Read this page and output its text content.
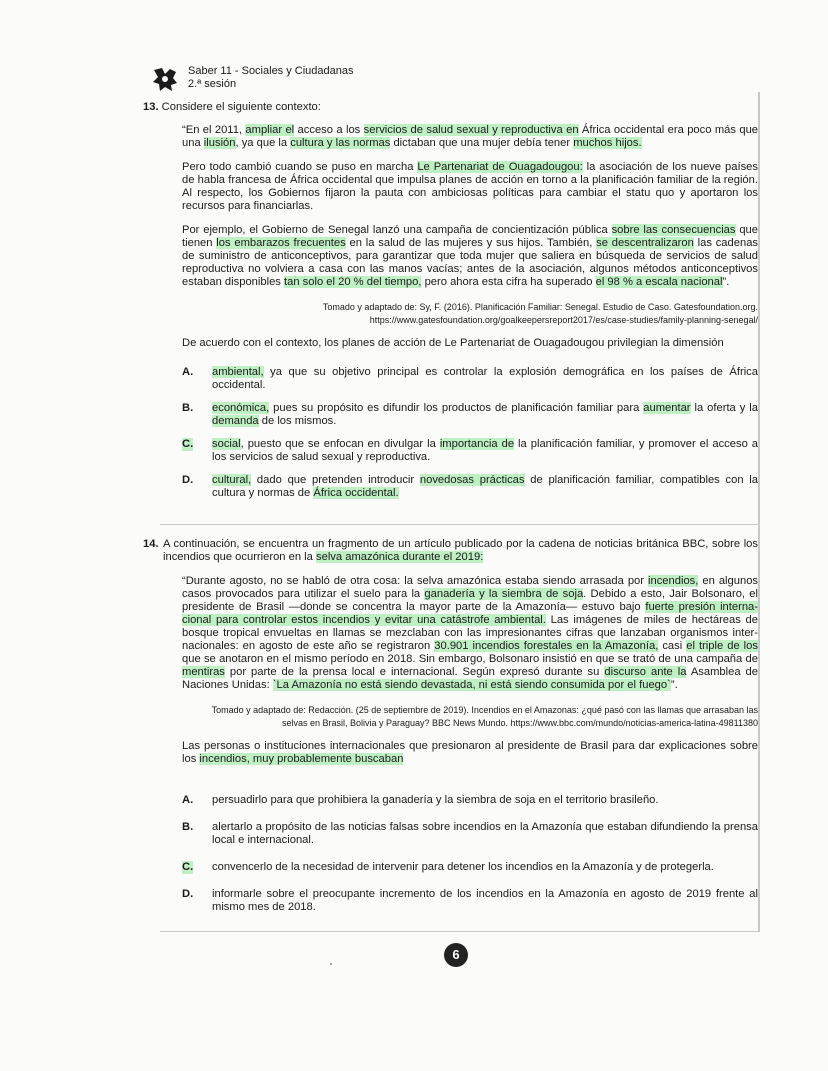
Saber 11 - Sociales y Ciudadanas
2.ª sesión

13. Considere el siguiente contexto:

“En el 2011, ampliar el acceso a los servicios de salud sexual y reproductiva en África occidental era poco más que una ilusión, ya que la cultura y las normas dictaban que una mujer debía tener muchos hijos.

Pero todo cambió cuando se puso en marcha Le Partenariat de Ouagadougou: la asociación de los nueve países de habla francesa de África occidental que impulsa planes de acción en torno a la planificación familiar de la región. Al respecto, los Gobiernos fijaron la pauta con ambiciosas políticas para cambiar el statu quo y aportaron los recursos para financiarlas.

Por ejemplo, el Gobierno de Senegal lanzó una campaña de concientización pública sobre las consecuencias que tienen los embarazos frecuentes en la salud de las mujeres y sus hijos. También, se descentralizaron las cadenas de suministro de anticonceptivos, para garantizar que toda mujer que saliera en búsqueda de servicios de salud reproductiva no volviera a casa con las manos vacías; antes de la asociación, algunos métodos anticonceptivos estaban disponibles tan solo el 20 % del tiempo, pero ahora esta cifra ha superado el 98 % a escala nacional”.

Tomado y adaptado de: Sy, F. (2016). Planificación Familiar: Senegal. Estudio de Caso. Gatesfoundation.org.
https://www.gatesfoundation.org/goalkeepersreport2017/es/case-studies/family-planning-senegal/

De acuerdo con el contexto, los planes de acción de Le Partenariat de Ouagadougou privilegian la dimensión

A. ambiental, ya que su objetivo principal es controlar la explosión demográfica en los países de África occidental.
B. económica, pues su propósito es difundir los productos de planificación familiar para aumentar la oferta y la demanda de los mismos.
C. social, puesto que se enfocan en divulgar la importancia de la planificación familiar, y promover el acceso a los servicios de salud sexual y reproductiva.
D. cultural, dado que pretenden introducir novedosas prácticas de planificación familiar, compatibles con la cultura y normas de África occidental.
14. A continuación, se encuentra un fragmento de un artículo publicado por la cadena de noticias británica BBC, sobre los incendios que ocurrieron en la selva amazónica durante el 2019:

“Durante agosto, no se habló de otra cosa: la selva amazónica estaba siendo arrasada por incendios, en algunos casos provocados para utilizar el suelo para la ganadería y la siembra de soja. Debido a esto, Jair Bolsonaro, el presidente de Brasil —donde se concentra la mayor parte de la Amazonía— estuvo bajo fuerte presión interna-cional para controlar estos incendios y evitar una catástrofe ambiental. Las imágenes de miles de hectáreas de bosque tropical envueltas en llamas se mezclaban con las impresionantes cifras que lanzaban organismos inter-nacionales: en agosto de este año se registraron 30.901 incendios forestales en la Amazonía, casi el triple de los que se anotaron en el mismo período en 2018. Sin embargo, Bolsonaro insistió en que se trató de una campaña de mentiras por parte de la prensa local e internacional. Según expresó durante su discurso ante la Asamblea de Naciones Unidas: `La Amazonía no está siendo devastada, ni está siendo consumida por el fuego`”.

Tomado y adaptado de: Redacción. (25 de septiembre de 2019). Incendios en el Amazonas: ¿qué pasó con las llamas que arrasaban las
selvas en Brasil, Bolivia y Paraguay? BBC News Mundo. https://www.bbc.com/mundo/noticias-america-latina-49811380

Las personas o instituciones internacionales que presionaron al presidente de Brasil para dar explicaciones sobre los incendios, muy probablemente buscaban

A. persuadirlo para que prohibiera la ganadería y la siembra de soja en el territorio brasileño.
B. alertarlo a propósito de las noticias falsas sobre incendios en la Amazonía que estaban difundiendo la prensa local e internacional.
C. convencerlo de la necesidad de intervenir para detener los incendios en la Amazonía y de protegerla.
D. informarle sobre el preocupante incremento de los incendios en la Amazonía en agosto de 2019 frente al mismo mes de 2018.
6
